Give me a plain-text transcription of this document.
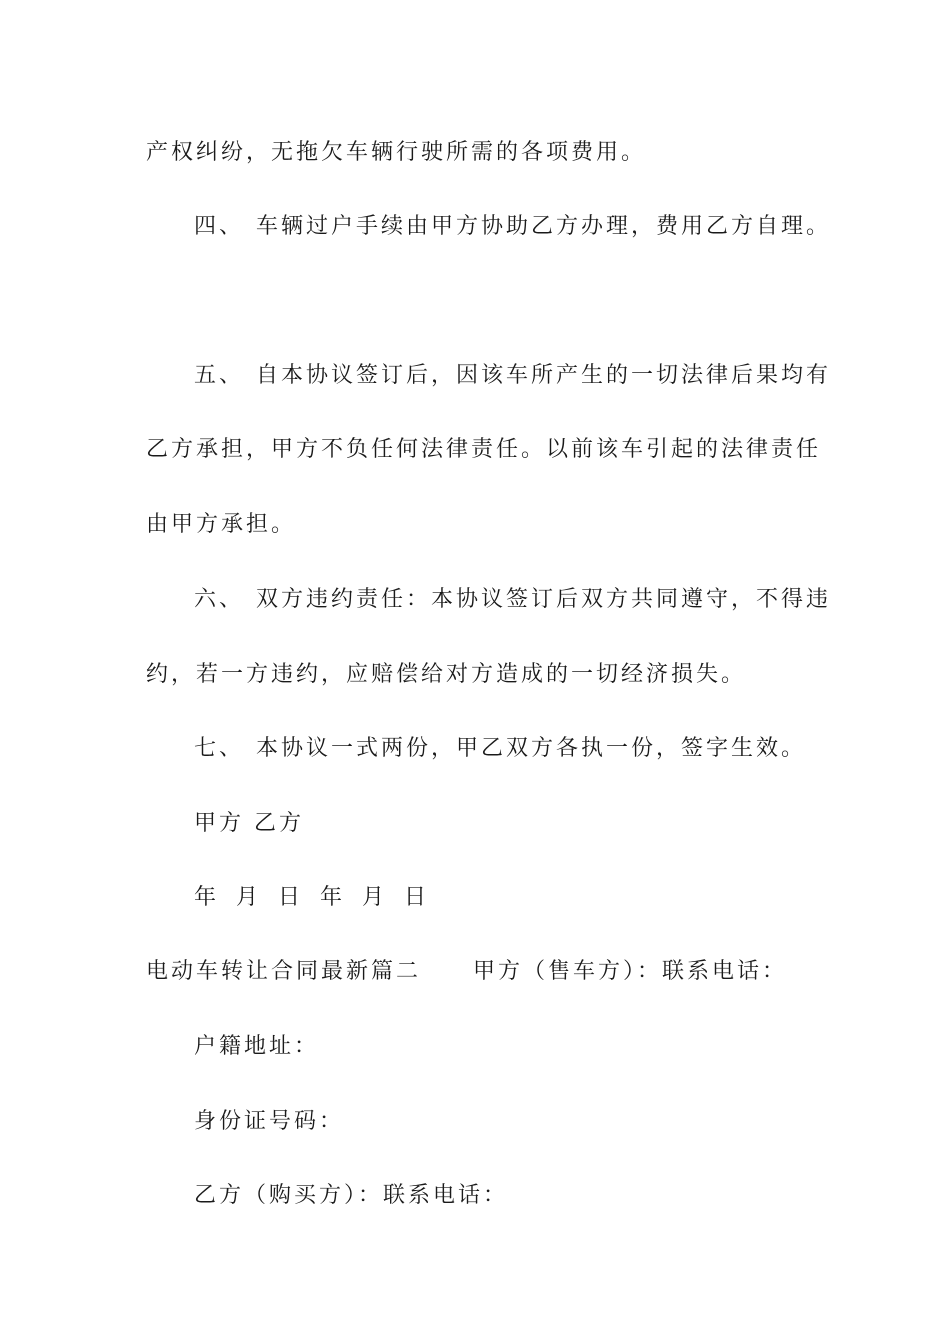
产权纠纷，无拖欠车辆行驶所需的各项费用。
四、 车辆过户手续由甲方协助乙方办理，费用乙方自理。
五、 自本协议签订后，因该车所产生的一切法律后果均有
乙方承担，甲方不负任何法律责任。以前该车引起的法律责任
由甲方承担。
六、 双方违约责任：本协议签订后双方共同遵守，不得违
约，若一方违约，应赔偿给对方造成的一切经济损失。
七、 本协议一式两份，甲乙双方各执一份，签字生效。
甲方 乙方
年 月 日 年 月 日
电动车转让合同最新篇二 甲方（售车方）：联系电话：
户籍地址：
身份证号码：
乙方（购买方）：联系电话：
